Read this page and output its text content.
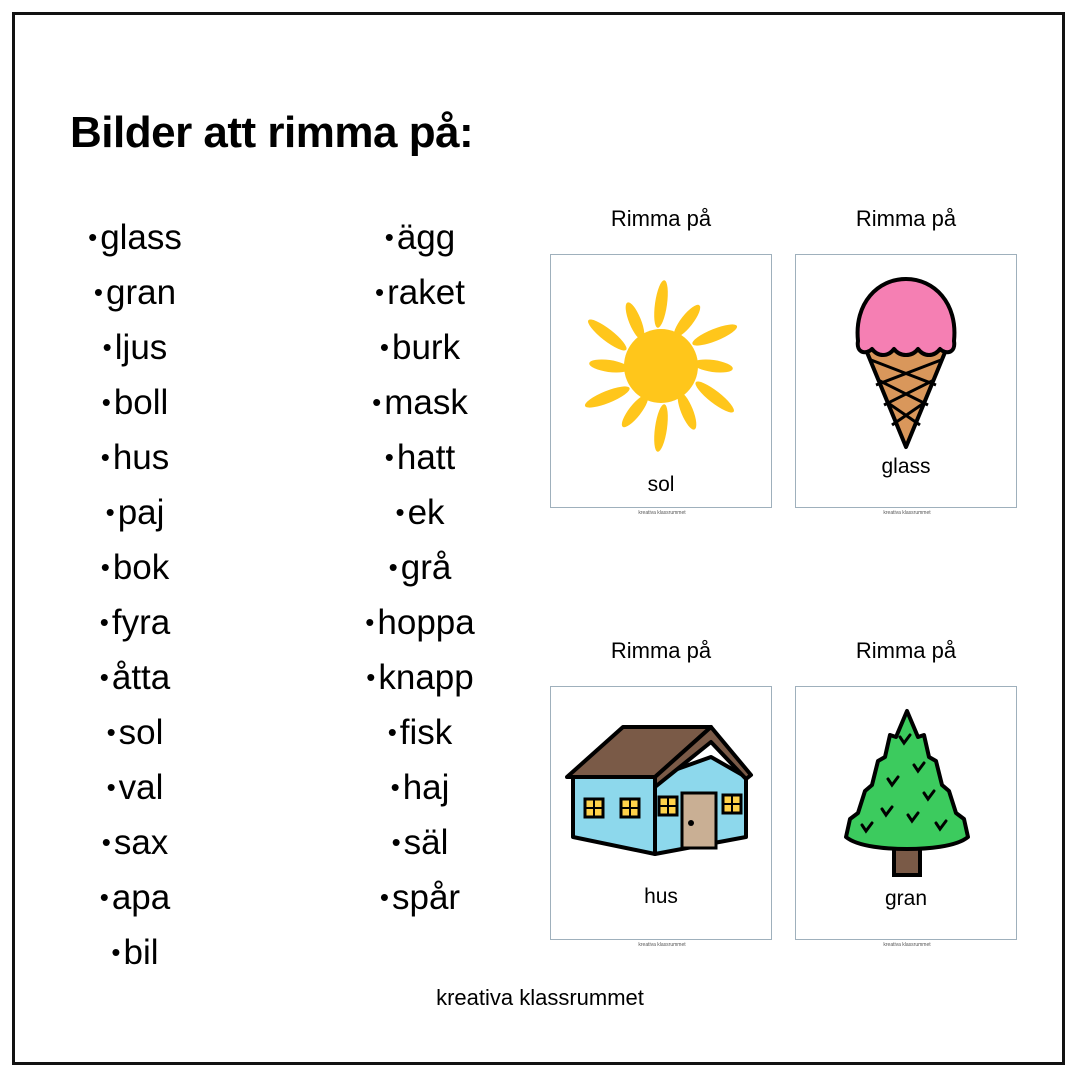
Bilder att rimma på:
•glass
•gran
•ljus
•boll
•hus
•paj
•bok
•fyra
•åtta
•sol
•val
•sax
•apa
•bil
•ägg
•raket
•burk
•mask
•hatt
•ek
•grå
•hoppa
•knapp
•fisk
•haj
•säl
•spår
Rimma på
sol
kreativa klassrummet
Rimma på
glass
kreativa klassrummet
Rimma på
hus
kreativa klassrummet
Rimma på
gran
kreativa klassrummet
kreativa klassrummet
